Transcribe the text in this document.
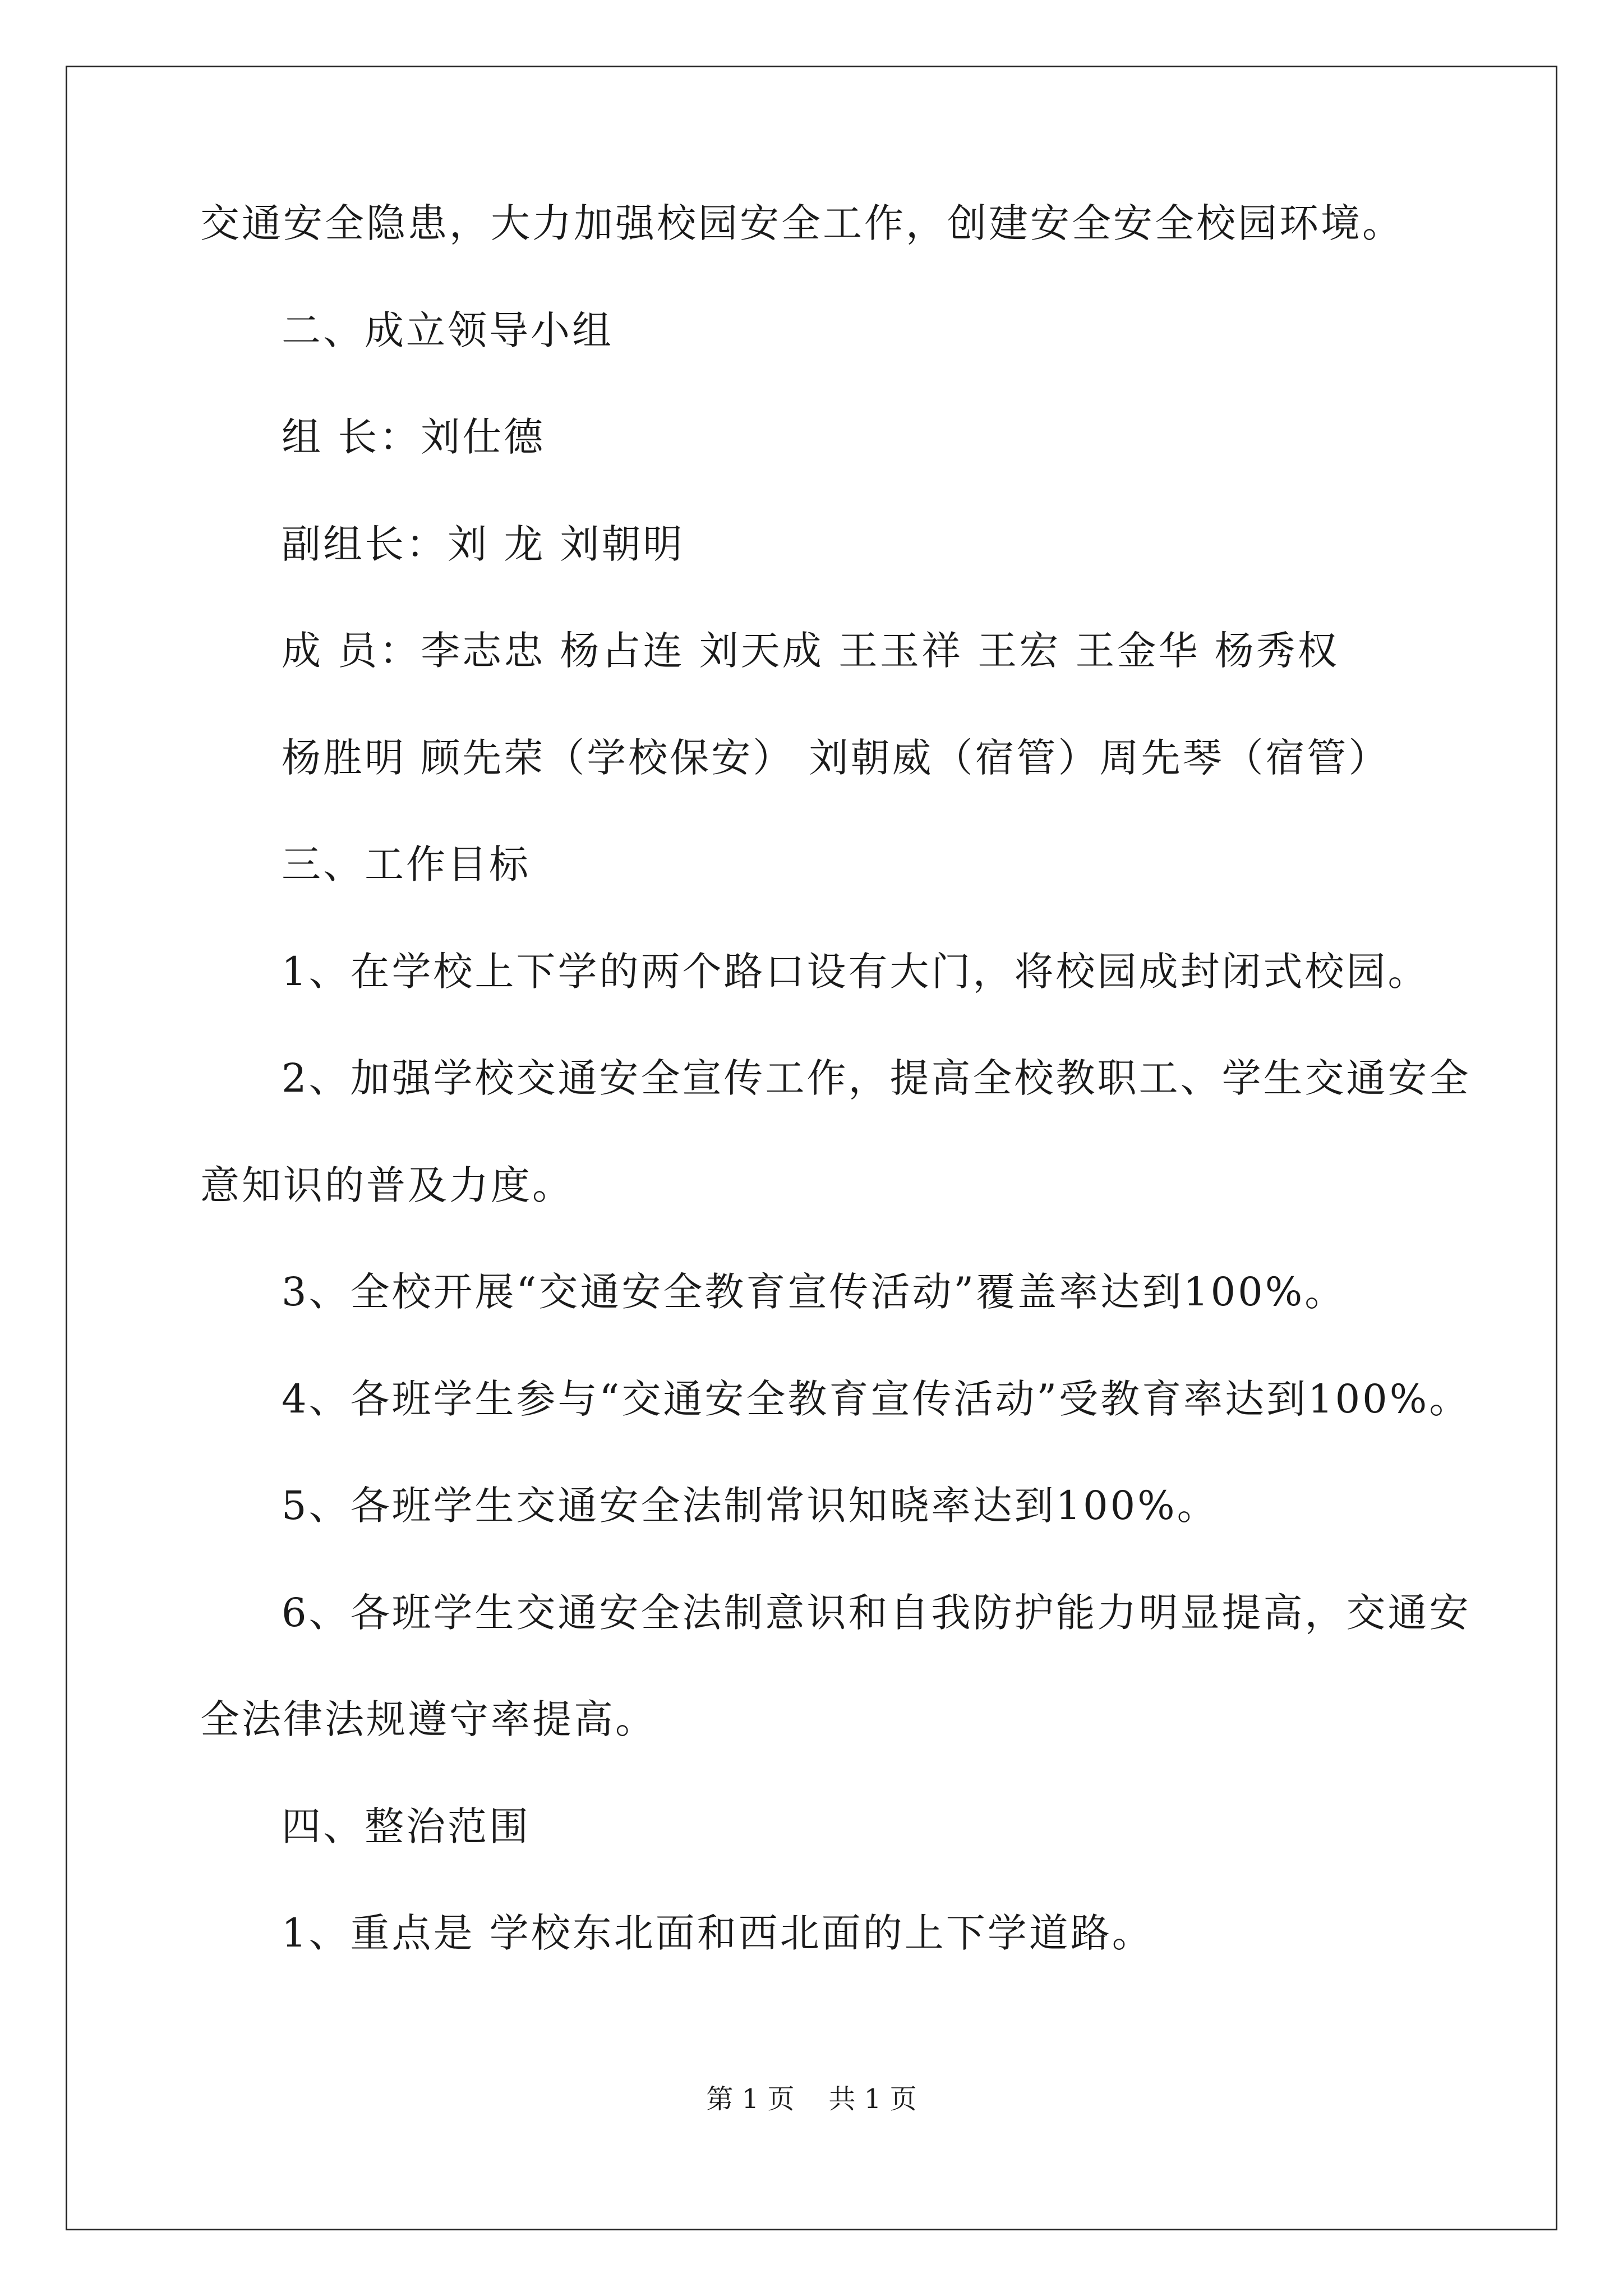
交通安全隐患，大力加强校园安全工作，创建安全安全校园环境。
二、成立领导小组
组 长：刘仕德
副组长：刘 龙 刘朝明
成 员：李志忠 杨占连 刘天成 王玉祥 王宏 王金华 杨秀权
杨胜明 顾先荣（学校保安） 刘朝威（宿管）周先琴（宿管）
三、工作目标
1、在学校上下学的两个路口设有大门，将校园成封闭式校园。
2、加强学校交通安全宣传工作，提高全校教职工、学生交通安全
意知识的普及力度。
3、全校开展“交通安全教育宣传活动”覆盖率达到100%。
4、各班学生参与“交通安全教育宣传活动”受教育率达到100%。
5、各班学生交通安全法制常识知晓率达到100%。
6、各班学生交通安全法制意识和自我防护能力明显提高，交通安
全法律法规遵守率提高。
四、整治范围
1、重点是 学校东北面和西北面的上下学道路。
第 1 页    共 1 页
